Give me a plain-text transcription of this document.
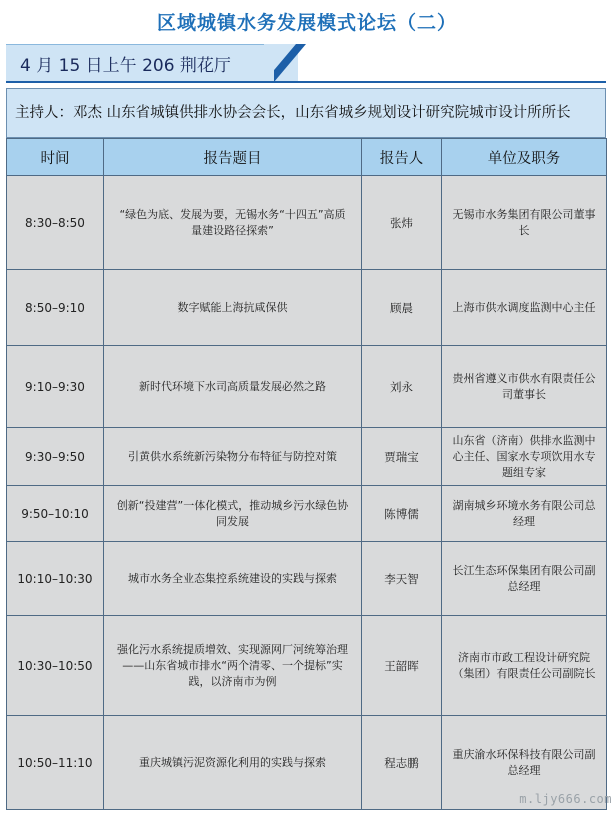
区域城镇水务发展模式论坛（二）
4 月 15 日上午 206 荆花厅
主持人：邓杰 山东省城镇供排水协会会长，山东省城乡规划设计研究院城市设计所所长
时间	报告题目	报告人	单位及职务
8:30–8:50	“绿色为底、发展为要，无锡水务“十四五”高质量建设路径探索”	张炜	无锡市水务集团有限公司董事长
8:50–9:10	数字赋能上海抗咸保供	顾晨	上海市供水调度监测中心主任
9:10–9:30	新时代环境下水司高质量发展必然之路	刘永	贵州省遵义市供水有限责任公司董事长
9:30–9:50	引黄供水系统新污染物分布特征与防控对策	贾瑞宝	山东省（济南）供排水监测中心主任、国家水专项饮用水专题组专家
9:50–10:10	创新“投建营”一体化模式，推动城乡污水绿色协同发展	陈博儒	湖南城乡环境水务有限公司总经理
10:10–10:30	城市水务全业态集控系统建设的实践与探索	李天智	长江生态环保集团有限公司副总经理
10:30–10:50	强化污水系统提质增效、实现源网厂河统筹治理——山东省城市排水“两个清零、一个提标”实践，以济南市为例	王韶晖	济南市市政工程设计研究院（集团）有限责任公司副院长
10:50–11:10	重庆城镇污泥资源化利用的实践与探索	程志鹏	重庆渝水环保科技有限公司副总经理
m.ljy666.com
